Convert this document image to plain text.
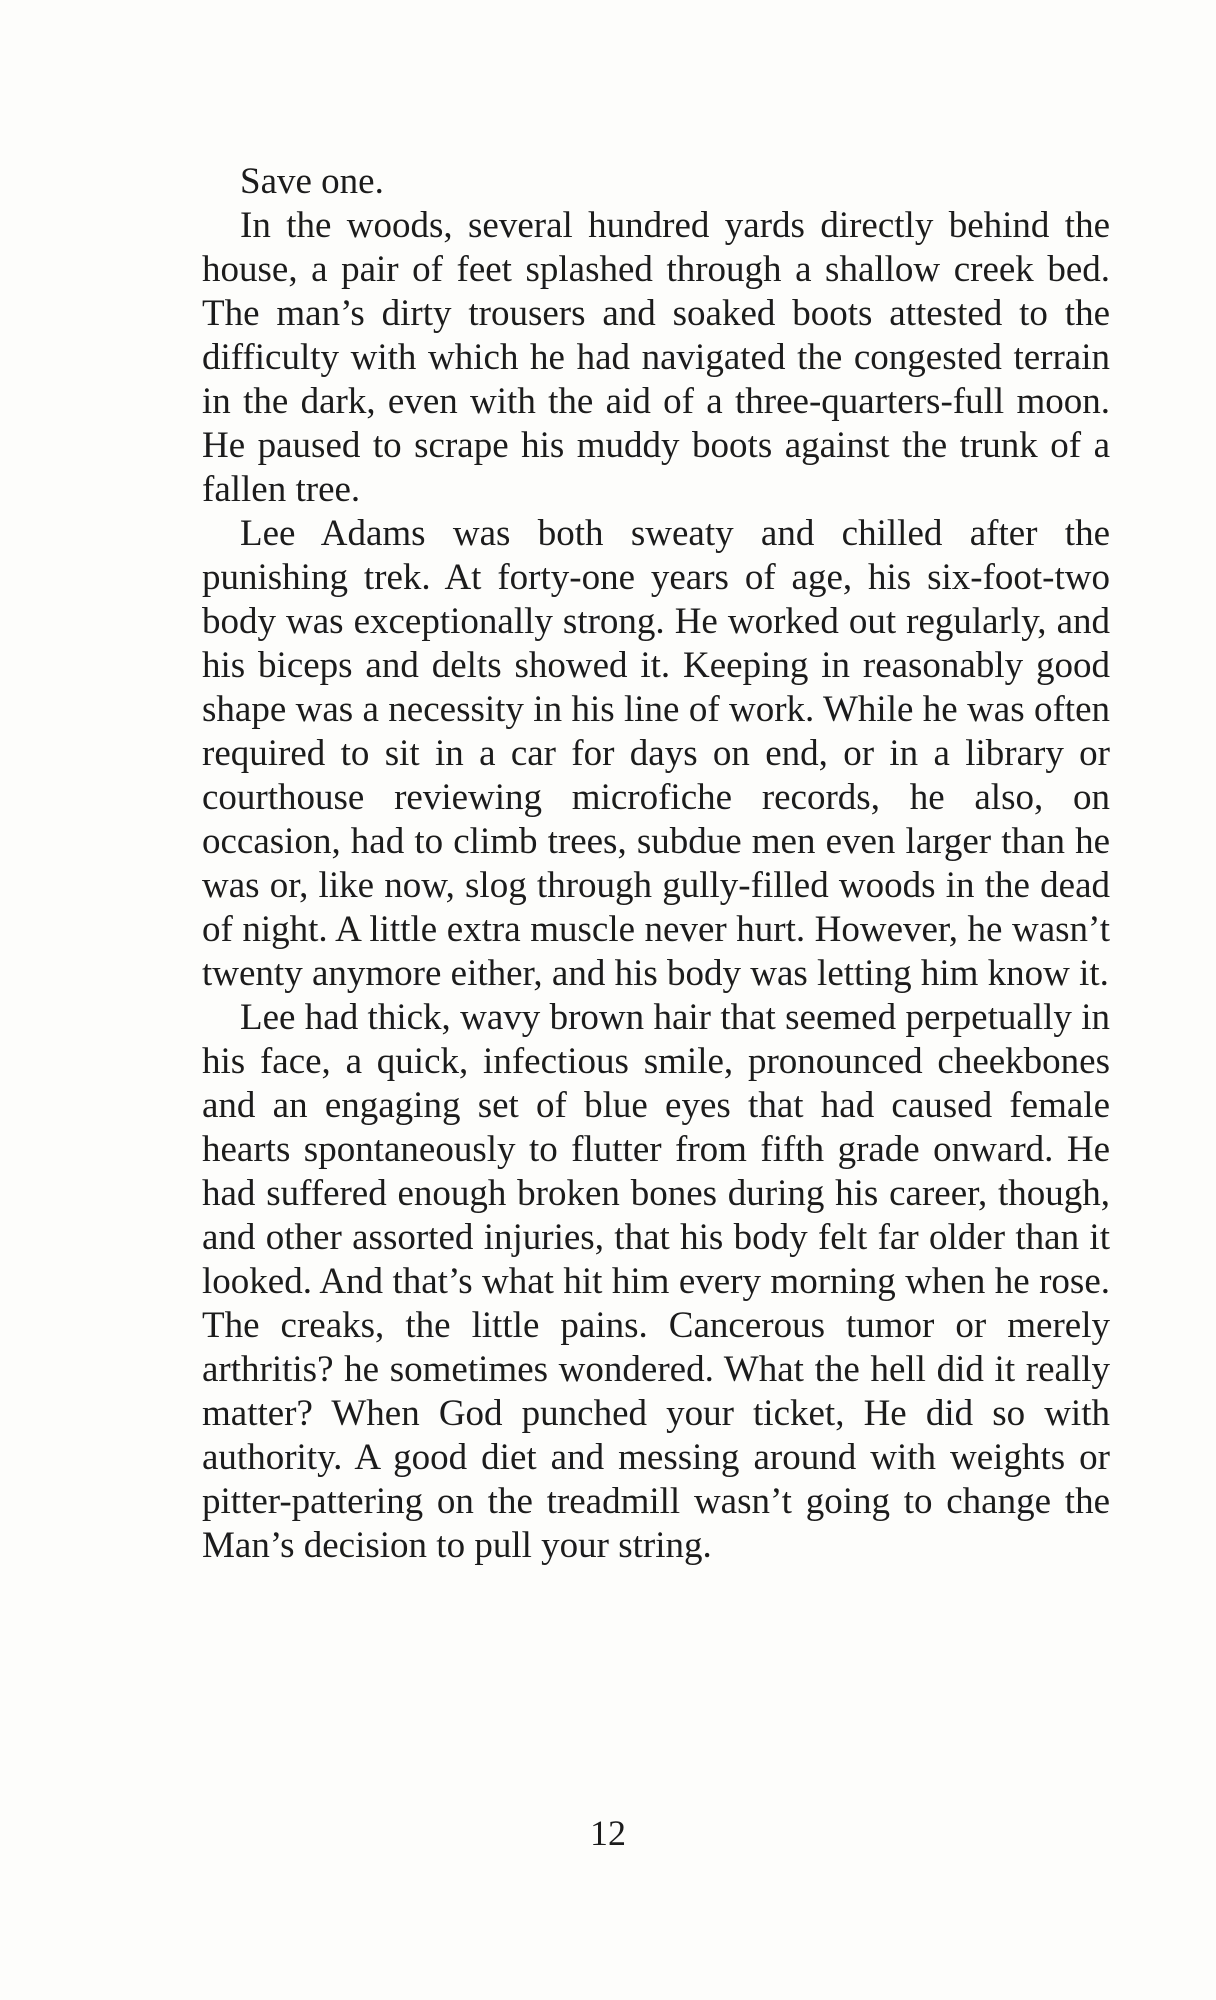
Save one.

In the woods, several hundred yards directly behind the house, a pair of feet splashed through a shallow creek bed. The man’s dirty trousers and soaked boots attested to the difficulty with which he had navigated the congested terrain in the dark, even with the aid of a three-quarters-full moon. He paused to scrape his muddy boots against the trunk of a fallen tree.

Lee Adams was both sweaty and chilled after the punishing trek. At forty-one years of age, his six-foot-two body was exceptionally strong. He worked out regularly, and his biceps and delts showed it. Keeping in reasonably good shape was a necessity in his line of work. While he was often required to sit in a car for days on end, or in a library or courthouse reviewing microfiche records, he also, on occasion, had to climb trees, subdue men even larger than he was or, like now, slog through gully-filled woods in the dead of night. A little extra muscle never hurt. However, he wasn’t twenty anymore either, and his body was letting him know it.

Lee had thick, wavy brown hair that seemed perpetually in his face, a quick, infectious smile, pronounced cheekbones and an engaging set of blue eyes that had caused female hearts spontaneously to flutter from fifth grade onward. He had suffered enough broken bones during his career, though, and other assorted injuries, that his body felt far older than it looked. And that’s what hit him every morning when he rose. The creaks, the little pains. Cancerous tumor or merely arthritis? he sometimes wondered. What the hell did it really matter? When God punched your ticket, He did so with authority. A good diet and messing around with weights or pitter-pattering on the treadmill wasn’t going to change the Man’s decision to pull your string.

12
